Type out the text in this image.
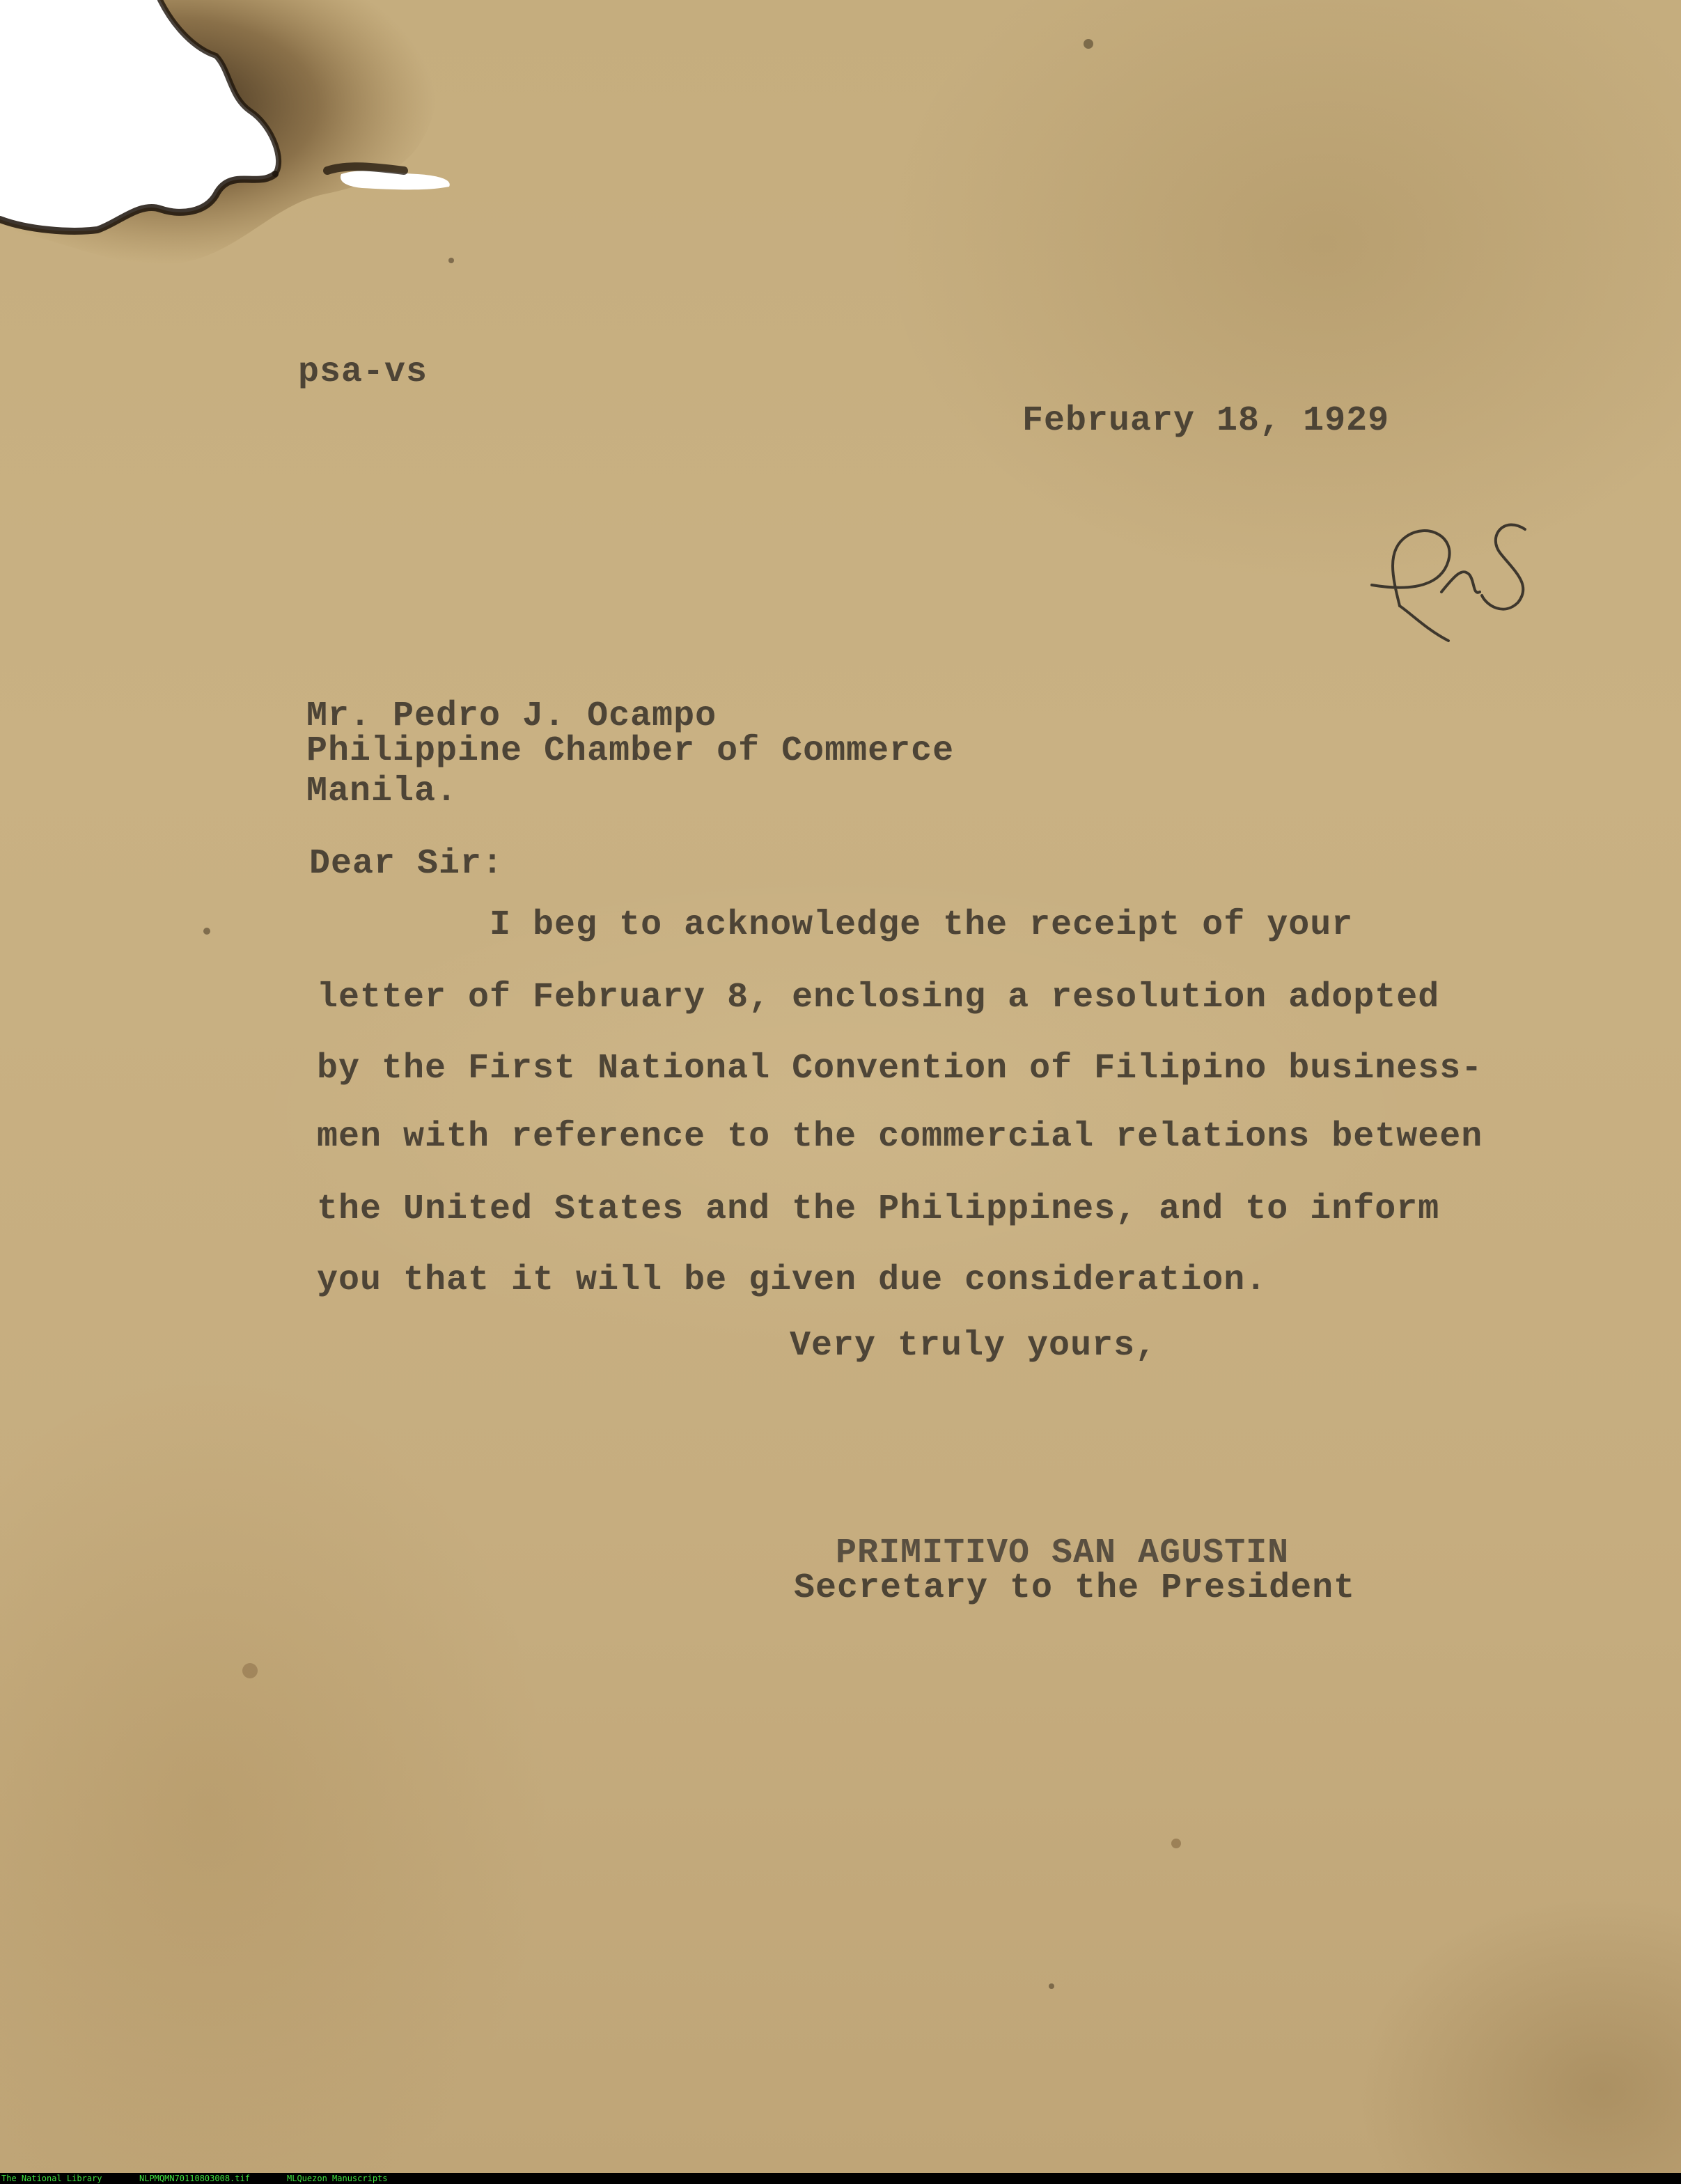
psa-vs
February 18, 1929
Mr. Pedro J. Ocampo
Philippine Chamber of Commerce
Manila.
Dear Sir:
I beg to acknowledge the receipt of your
letter of February 8, enclosing a resolution adopted
by the First National Convention of Filipino business-
men with reference to the commercial relations between
the United States and the Philippines, and to inform
you that it will be given due consideration.
Very truly yours,
PRIMITIVO SAN AGUSTIN
Secretary to the President
The National Library	NLPMQMN70110803008.tif	MLQuezon Manuscripts
